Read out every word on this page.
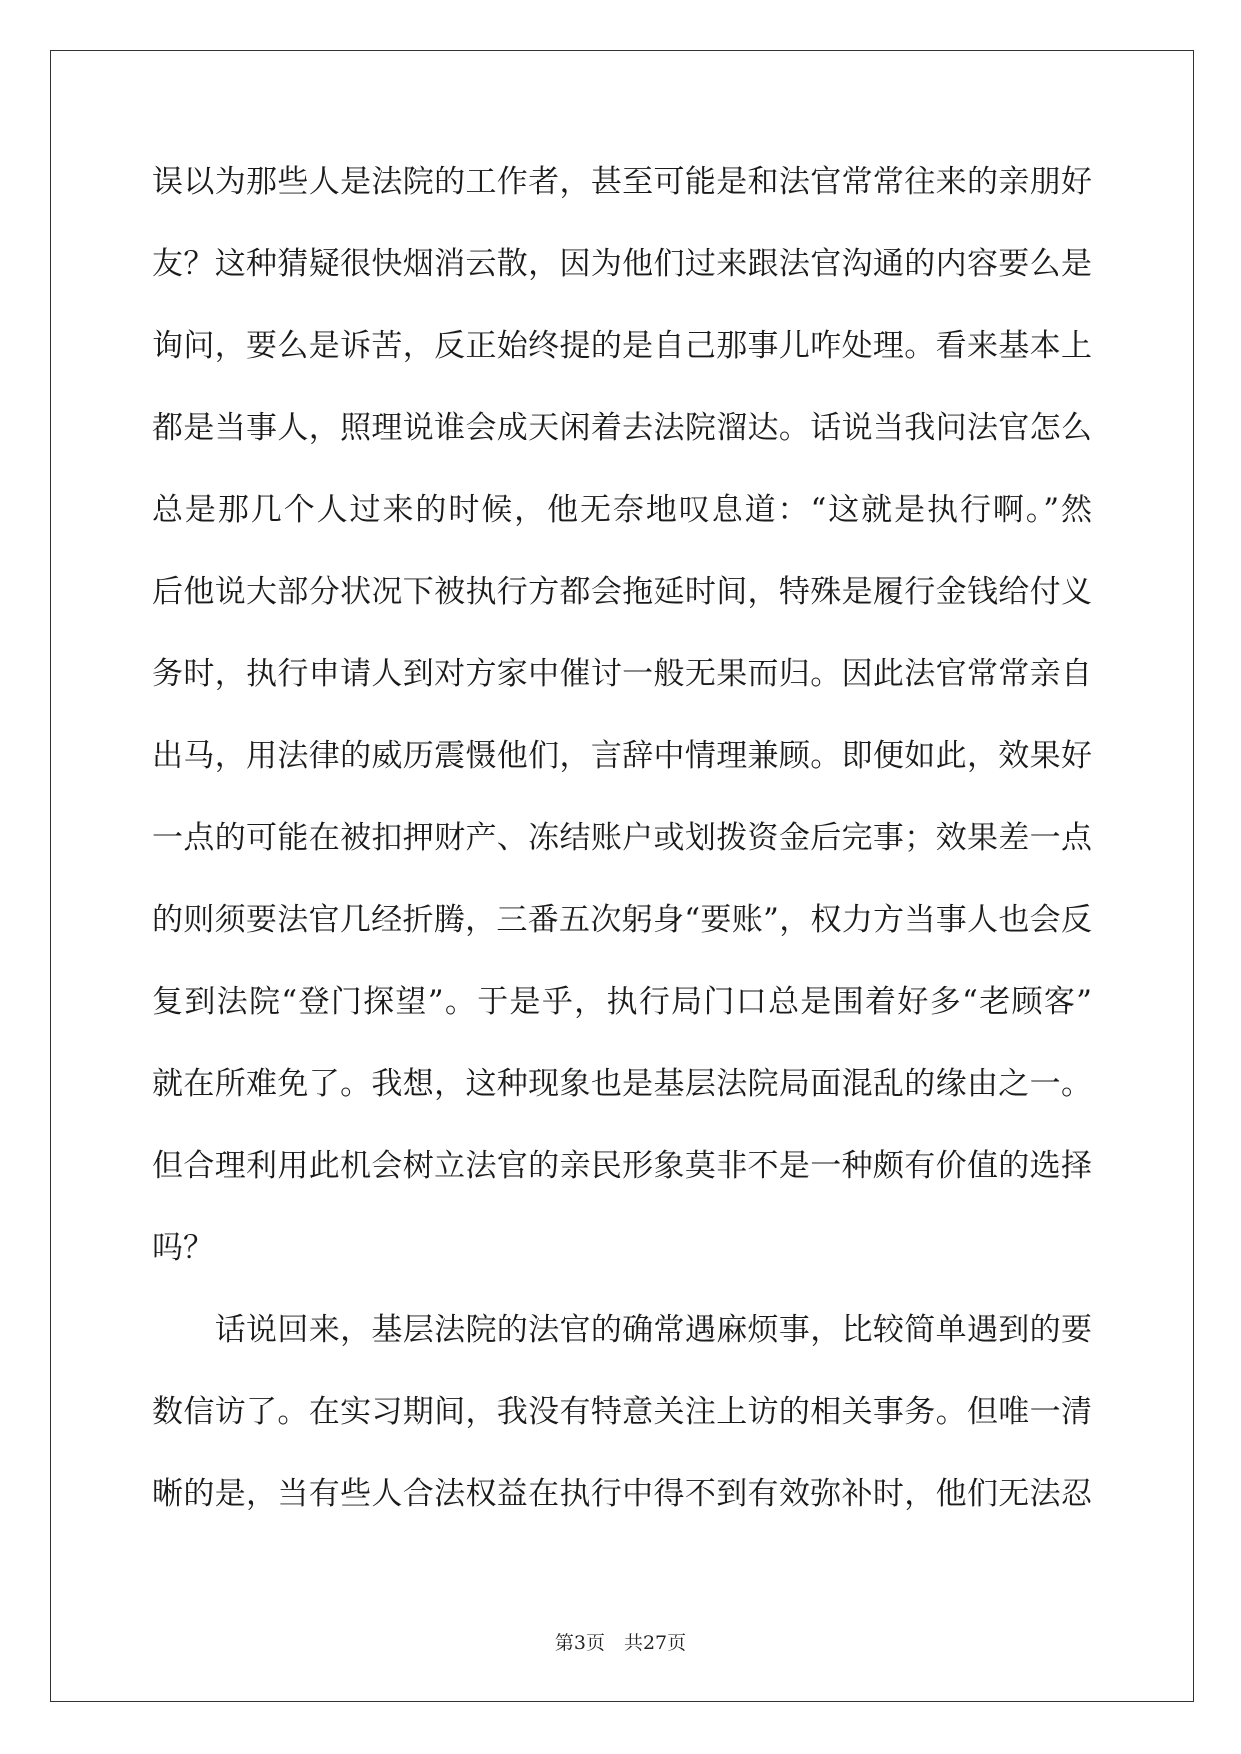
误以为那些人是法院的工作者，甚至可能是和法官常常往来的亲朋好
友？这种猜疑很快烟消云散，因为他们过来跟法官沟通的内容要么是
询问，要么是诉苦，反正始终提的是自己那事儿咋处理。看来基本上
都是当事人，照理说谁会成天闲着去法院溜达。话说当我问法官怎么
总是那几个人过来的时候，他无奈地叹息道：“这就是执行啊。”然
后他说大部分状况下被执行方都会拖延时间，特殊是履行金钱给付义
务时，执行申请人到对方家中催讨一般无果而归。因此法官常常亲自
出马，用法律的威历震慑他们，言辞中情理兼顾。即便如此，效果好
一点的可能在被扣押财产、冻结账户或划拨资金后完事；效果差一点
的则须要法官几经折腾，三番五次躬身“要账”，权力方当事人也会反
复到法院“登门探望”。于是乎，执行局门口总是围着好多“老顾客”
就在所难免了。我想，这种现象也是基层法院局面混乱的缘由之一。
但合理利用此机会树立法官的亲民形象莫非不是一种颇有价值的选择
吗？
　　话说回来，基层法院的法官的确常遇麻烦事，比较简单遇到的要
数信访了。在实习期间，我没有特意关注上访的相关事务。但唯一清
晰的是，当有些人合法权益在执行中得不到有效弥补时，他们无法忍
第3页　共27页
